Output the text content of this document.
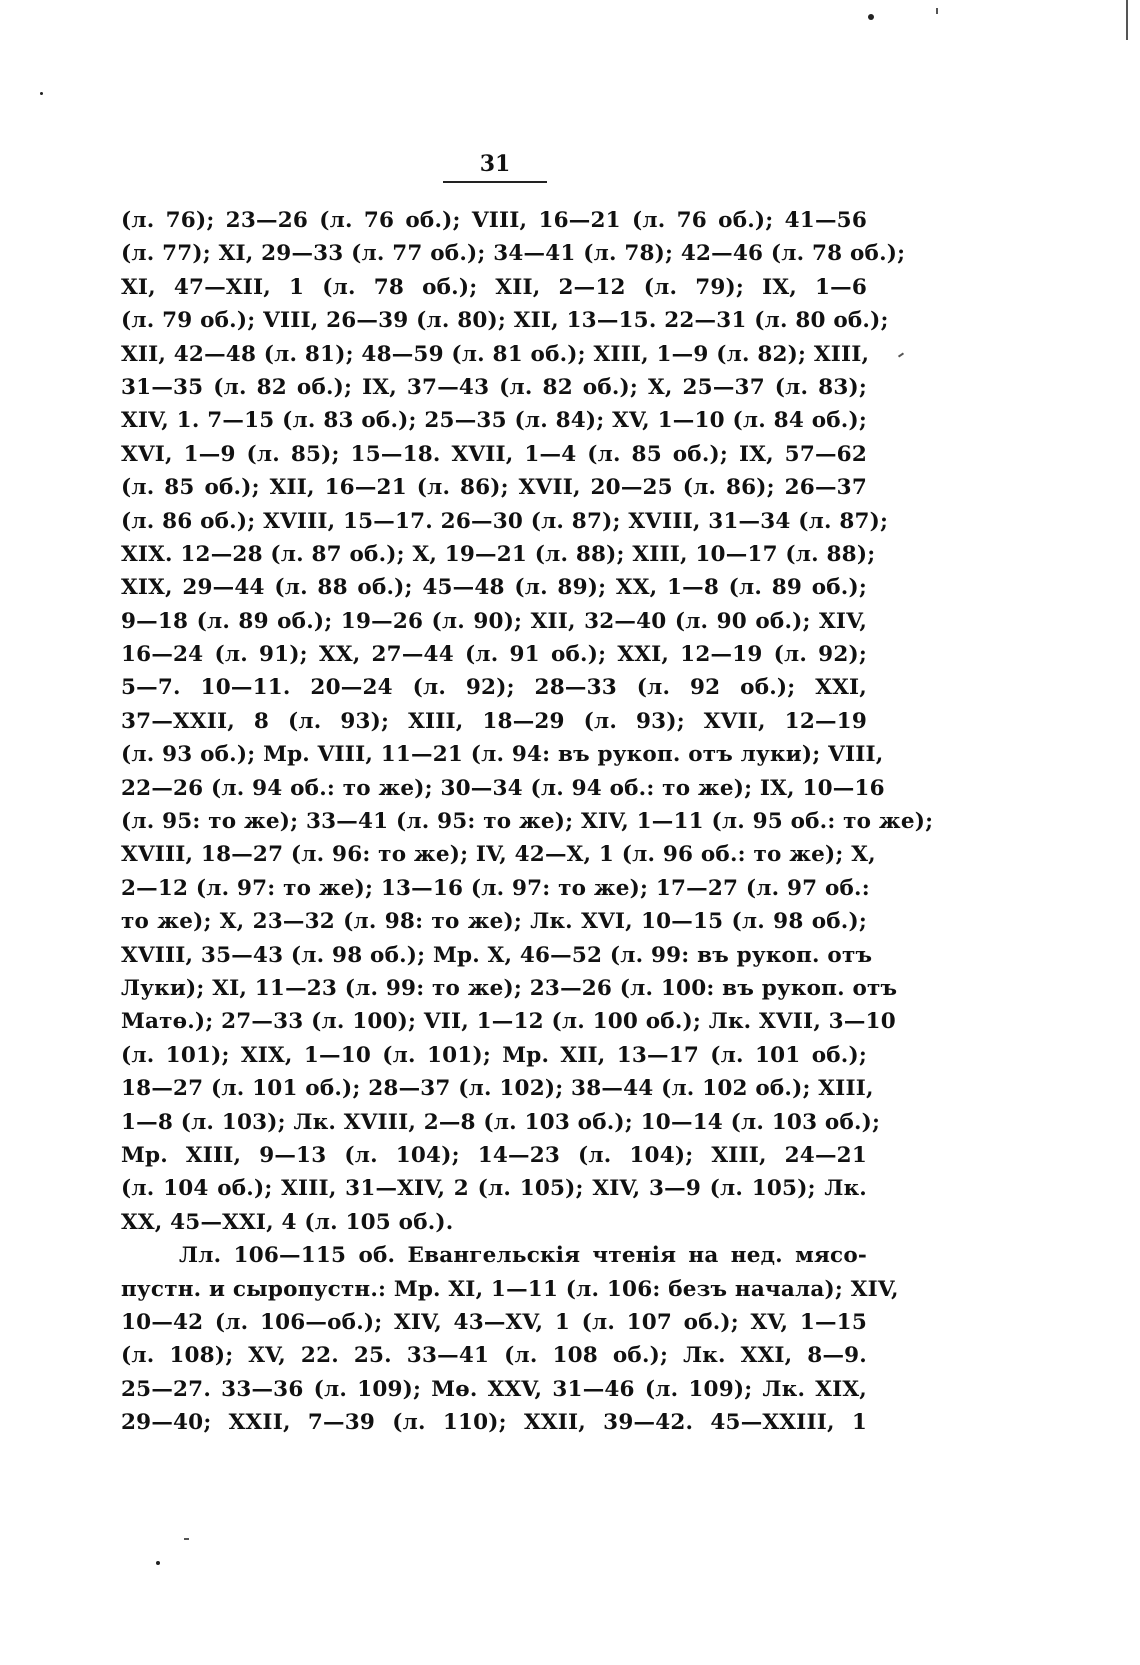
31
(л. 76); 23—26 (л. 76 об.); VIII, 16—21 (л. 76 об.); 41—56
(л. 77); XI, 29—33 (л. 77 об.); 34—41 (л. 78); 42—46 (л. 78 об.);
XI, 47—XII, 1 (л. 78 об.); XII, 2—12 (л. 79); IX, 1—6
(л. 79 об.); VIII, 26—39 (л. 80); XII, 13—15. 22—31 (л. 80 об.);
XII, 42—48 (л. 81); 48—59 (л. 81 об.); XIII, 1—9 (л. 82); XIII,
31—35 (л. 82 об.); IX, 37—43 (л. 82 об.); X, 25—37 (л. 83);
XIV, 1. 7—15 (л. 83 об.); 25—35 (л. 84); XV, 1—10 (л. 84 об.);
XVI, 1—9 (л. 85); 15—18. XVII, 1—4 (л. 85 об.); IX, 57—62
(л. 85 об.); XII, 16—21 (л. 86); XVII, 20—25 (л. 86); 26—37
(л. 86 об.); XVIII, 15—17. 26—30 (л. 87); XVIII, 31—34 (л. 87);
XIX. 12—28 (л. 87 об.); X, 19—21 (л. 88); XIII, 10—17 (л. 88);
XIX, 29—44 (л. 88 об.); 45—48 (л. 89); XX, 1—8 (л. 89 об.);
9—18 (л. 89 об.); 19—26 (л. 90); XII, 32—40 (л. 90 об.); XIV,
16—24 (л. 91); XX, 27—44 (л. 91 об.); XXI, 12—19 (л. 92);
5—7. 10—11. 20—24 (л. 92); 28—33 (л. 92 об.); XXI,
37—XXII, 8 (л. 93); XIII, 18—29 (л. 93); XVII, 12—19
(л. 93 об.); Мр. VIII, 11—21 (л. 94: въ рукоп. отъ луки); VIII,
22—26 (л. 94 об.: то же); 30—34 (л. 94 об.: то же); IX, 10—16
(л. 95: то же); 33—41 (л. 95: то же); XIV, 1—11 (л. 95 об.: то же);
XVIII, 18—27 (л. 96: то же); IV, 42—X, 1 (л. 96 об.: то же); X,
2—12 (л. 97: то же); 13—16 (л. 97: то же); 17—27 (л. 97 об.:
то же); X, 23—32 (л. 98: то же); Лк. XVI, 10—15 (л. 98 об.);
XVIII, 35—43 (л. 98 об.); Мр. X, 46—52 (л. 99: въ рукоп. отъ
Луки); XI, 11—23 (л. 99: то же); 23—26 (л. 100: въ рукоп. отъ
Матө.); 27—33 (л. 100); VII, 1—12 (л. 100 об.); Лк. XVII, 3—10
(л. 101); XIX, 1—10 (л. 101); Мр. XII, 13—17 (л. 101 об.);
18—27 (л. 101 об.); 28—37 (л. 102); 38—44 (л. 102 об.); XIII,
1—8 (л. 103); Лк. XVIII, 2—8 (л. 103 об.); 10—14 (л. 103 об.);
Мр. XIII, 9—13 (л. 104); 14—23 (л. 104); XIII, 24—21
(л. 104 об.); XIII, 31—XIV, 2 (л. 105); XIV, 3—9 (л. 105); Лк.
XX, 45—XXI, 4 (л. 105 об.).
Лл. 106—115 об. Евангельскія чтенія на нед. мясо-
пустн. и сыропустн.: Мр. XI, 1—11 (л. 106: безъ начала); XIV,
10—42 (л. 106—об.); XIV, 43—XV, 1 (л. 107 об.); XV, 1—15
(л. 108); XV, 22. 25. 33—41 (л. 108 об.); Лк. XXI, 8—9.
25—27. 33—36 (л. 109); Мө. XXV, 31—46 (л. 109); Лк. XIX,
29—40; XXII, 7—39 (л. 110); XXII, 39—42. 45—XXIII, 1
